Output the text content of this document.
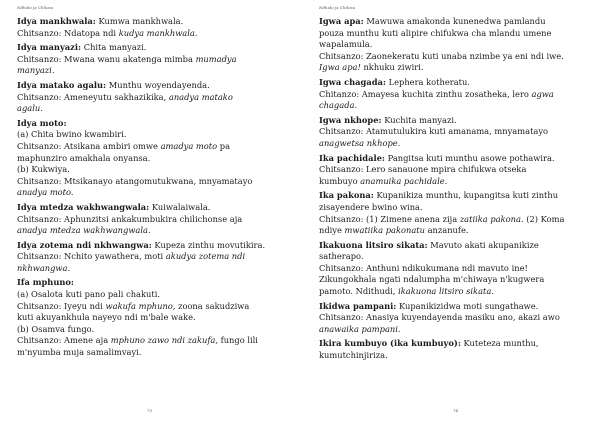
Ndhalo ja Chilosu
Idya mankhwala: Kumwa mankhwala.
Chitsanzo: Ndatopa ndi kudya mankhwala.
Idya manyazi: Chita manyazi.
Chitsanzo: Mwana wanu akatenga mimba mumadya
manyazi.
Idya matako agalu: Munthu woyendayenda.
Chitsanzo: Ameneyutu sakhazikika, anadya matako
agalu.
Idya moto:
(a) Chita bwino kwambiri.
Chitsanzo: Atsikana ambiri omwe amadya moto pa
maphunziro amakhala onyansa.
(b) Kukwiya.
Chitsanzo: Mtsikanayo atangomutukwana, mnyamatayo
anadya moto.
Idya mtedza wakhwangwala: Kuiwalaiwala.
Chitsanzo: Aphunzitsi ankakumbukira chilichonse aja
anadya mtedza wakhwangwala.
Idya zotema ndi nkhwangwa: Kupeza zinthu movutikira.
Chitsanzo: Nchito yawathera, moti akudya zotema ndi
nkhwangwa.
Ifa mphuno:
(a) Osalota kuti pano pali chakuti.
Chitsanzo: Iyeyu ndi wakufa mphuno, zoona sakudziwa
kuti akuyankhula nayeyo ndi m'bale wake.
(b) Osamva fungo.
Chitsanzo: Amene aja mphuno zawo ndi zakufa, fungo lili
m'nyumba muja samalimvayi.
73
Ndhalo ja Chilosu
Igwa apa: Mawuwa amakonda kunenedwa pamlandu
pouza munthu kuti alipire chifukwa cha mlandu umene
wapalamula.
Chitsanzo: Zaonekeratu kuti unaba nzimbe ya eni ndi iwe.
Igwa apa! nkhuku ziwiri.
Igwa chagada: Lephera kotheratu.
Chitanzo: Amayesa kuchita zinthu zosatheka, lero agwa
chagada.
Igwa nkhope: Kuchita manyazi.
Chitsanzo: Atamutulukira kuti amanama, mnyamatayo
anagwetsa nkhope.
Ika pachidale: Pangitsa kuti munthu asowe pothawira.
Chitsanzo: Lero sanauone mpira chifukwa otseka
kumbuyo anamuika pachidale.
Ika pakona: Kupanikiza munthu, kupangitsa kuti zinthu
zisayendere bwino wina.
Chitsanzo: (1) Zimene anena zija zatiika pakona. (2) Koma
ndiye mwatiika pakonatu anzanufe.
Ikakuona litsiro sikata: Mavuto akati akupanikize
satherapo.
Chitsanzo: Anthuni ndikukumana ndi mavuto ine!
Zikungokhala ngati ndalumpha m'chiwaya n'kugwera
pamoto. Ndithudi, ikakuona litsiro sikata.
Ikidwa pampani: Kupanikizidwa moti sungathawe.
Chitsanzo: Anasiya kuyendayenda masiku ano, akazi awo
anawaika pampani.
Ikira kumbuyo (ika kumbuyo): Kuteteza munthu,
kumutchinjiriza.
74
